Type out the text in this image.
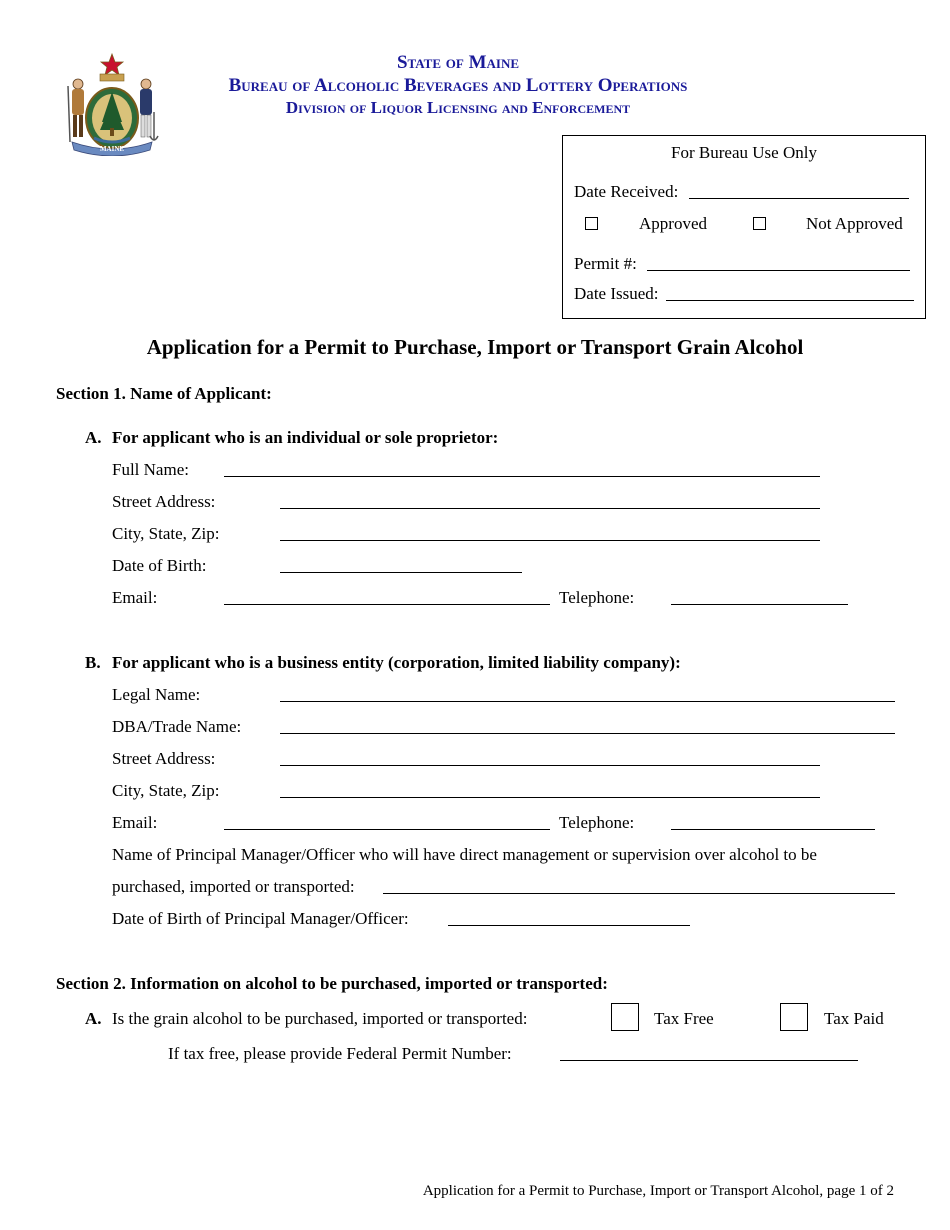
MAINE
State of Maine
Bureau of Alcoholic Beverages and Lottery Operations
Division of Liquor Licensing and Enforcement
For Bureau Use Only
Date Received:
Approved	Not Approved
Permit #:
Date Issued:
Application for a Permit to Purchase, Import or Transport Grain Alcohol
Section 1. Name of Applicant:
A. For applicant who is an individual or sole proprietor:
Full Name:
Street Address:
City, State, Zip:
Date of Birth:
Email:	Telephone:
B. For applicant who is a business entity (corporation, limited liability company):
Legal Name:
DBA/Trade Name:
Street Address:
City, State, Zip:
Email:	Telephone:
Name of Principal Manager/Officer who will have direct management or supervision over alcohol to be
purchased, imported or transported:
Date of Birth of Principal Manager/Officer:
Section 2. Information on alcohol to be purchased, imported or transported:
A. Is the grain alcohol to be purchased, imported or transported:	Tax Free	Tax Paid
If tax free, please provide Federal Permit Number:
Application for a Permit to Purchase, Import or Transport Alcohol, page 1 of 2
